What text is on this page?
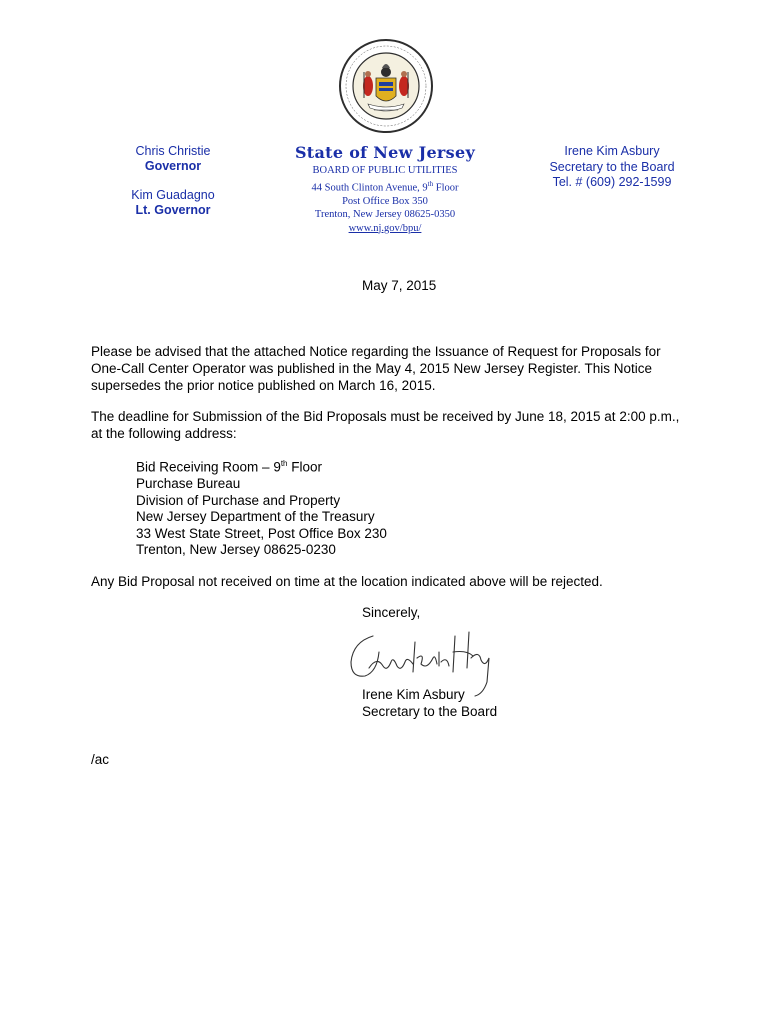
Chris Christie
Governor
Kim Guadagno
Lt. Governor
State of New Jersey
BOARD OF PUBLIC UTILITIES
44 South Clinton Avenue, 9th Floor
Post Office Box 350
Trenton, New Jersey 08625-0350
www.nj.gov/bpu/
Irene Kim Asbury
Secretary to the Board
Tel. # (609) 292-1599
May 7, 2015
Please be advised that the attached Notice regarding the Issuance of Request for Proposals for One-Call Center Operator was published in the May 4, 2015 New Jersey Register. This Notice supersedes the prior notice published on March 16, 2015.
The deadline for Submission of the Bid Proposals must be received by June 18, 2015 at 2:00 p.m., at the following address:
Bid Receiving Room – 9th Floor
Purchase Bureau
Division of Purchase and Property
New Jersey Department of the Treasury
33 West State Street, Post Office Box 230
Trenton, New Jersey 08625-0230
Any Bid Proposal not received on time at the location indicated above will be rejected.
Sincerely,
Irene Kim Asbury
Secretary to the Board
/ac
